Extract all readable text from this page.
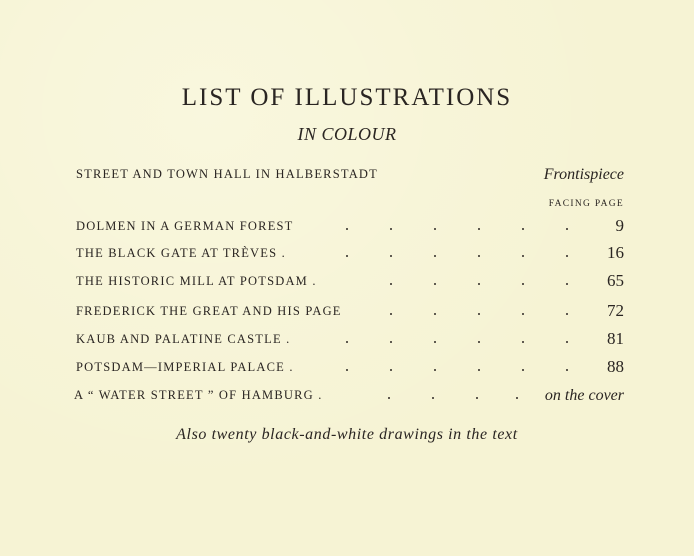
LIST OF ILLUSTRATIONS
IN COLOUR
STREET AND TOWN HALL IN HALBERSTADT	Frontispiece
FACING PAGE
DOLMEN IN A GERMAN FOREST	9
THE BLACK GATE AT TRÈVES .	16
THE HISTORIC MILL AT POTSDAM .	65
FREDERICK THE GREAT AND HIS PAGE	72
KAUB AND PALATINE CASTLE .	81
POTSDAM—IMPERIAL PALACE .	88
A “ WATER STREET ” OF HAMBURG .	on the cover
Also twenty black-and-white drawings in the text
